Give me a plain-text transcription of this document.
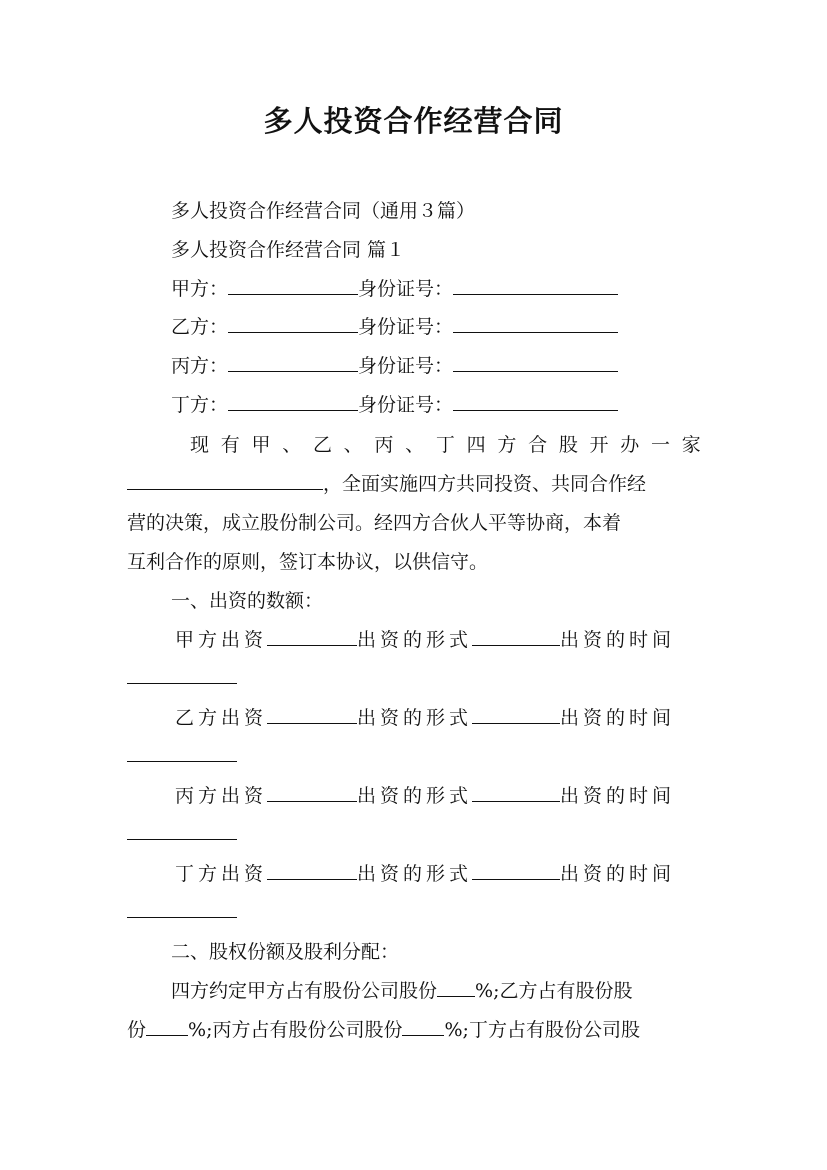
多人投资合作经营合同
多人投资合作经营合同（通用３篇）
多人投资合作经营合同 篇１
甲方：	身份证号：
乙方：	身份证号：
丙方：	身份证号：
丁方：	身份证号：
现 有 甲 、 乙 、 丙 、 丁 四 方 合 股 开 办 一 家
，全面实施四方共同投资、共同合作经
营的决策，成立股份制公司。经四方合伙人平等协商，本着
互利合作的原则，签订本协议，以供信守。
一、出资的数额：
甲方出资	出资的形式	出资的时间
乙方出资	出资的形式	出资的时间
丙方出资	出资的形式	出资的时间
丁方出资	出资的形式	出资的时间
二、股权份额及股利分配：
四方约定甲方占有股份公司股份 %;乙方占有股份股
份 %;丙方占有股份公司股份 %;丁方占有股份公司股
